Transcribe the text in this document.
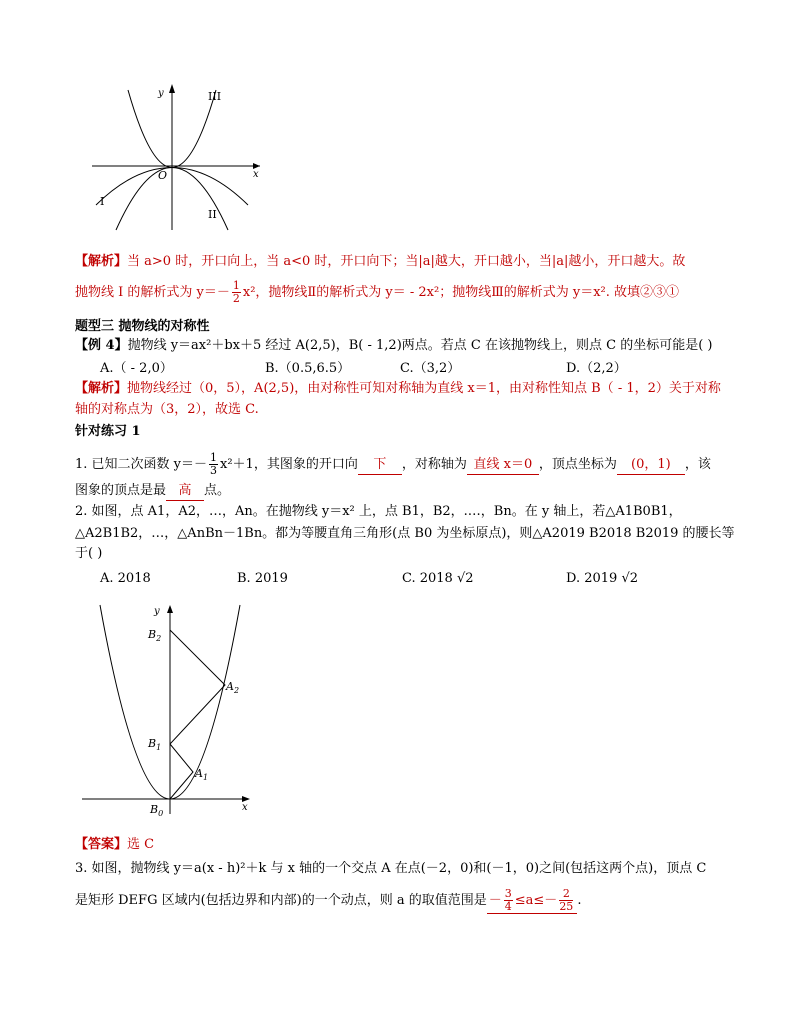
y
x
O
I
II
III
【解析】当 a>0 时，开口向上，当 a<0 时，开口向下；当|a|越大，开口越小，当|a|越小，开口越大。故
抛物线 I 的解析式为 $y=- \frac{1}{2} x^2$，抛物线Ⅱ的解析式为 y＝ - 2x²；抛物线Ⅲ的解析式为 y＝x². 故填②③①
题型三 抛物线的对称性
【例 4】抛物线 y＝ax²＋bx＋5 经过 A(2,5)，B( - 1,2)两点。若点 C 在该抛物线上，则点 C 的坐标可能是( )
A.（ - 2,0）	B.（0.5,6.5）	C.（3,2）	D.（2,2）
【解析】抛物线经过（0，5），A(2,5)，由对称性可知对称轴为直线 x＝1，由对称性知点 B（ - 1，2）关于对称
轴的对称点为（3，2），故选 C.
针对练习 1
1. 已知二次函数 $y=- \frac{1}{3} x^2+1$，其图象的开口向 下 ，对称轴为 直线 x＝0 ，顶点坐标为 (0，1) ，该
图象的顶点是最 高 点。
2. 如图，点 A1，A2，…，An。在抛物线 y＝x² 上，点 B1，B2，.…，Bn。在 y 轴上，若△A1B0B1，
△A2B1B2，…，△AnBn－1Bn。都为等腰直角三角形(点 B0 为坐标原点)，则△A2019 B2018 B2019 的腰长等
于( )
A. 2018	B. 2019	C. 2018 √2	D. 2019 √2
y
x
$B_2$
$B_1$
$B_0$
$A_2$
$A_1$
【答案】选 C
3. 如图，抛物线 y＝a(x - h)²＋k 与 x 轴的一个交点 A 在点(－2，0)和(－1，0)之间(包括这两个点)，顶点 C
是矩形 DEFG 区域内(包括边界和内部)的一个动点，则 a 的取值范围是 － $\frac{3}{4} \le a\le- \frac{2}{25}$ .
